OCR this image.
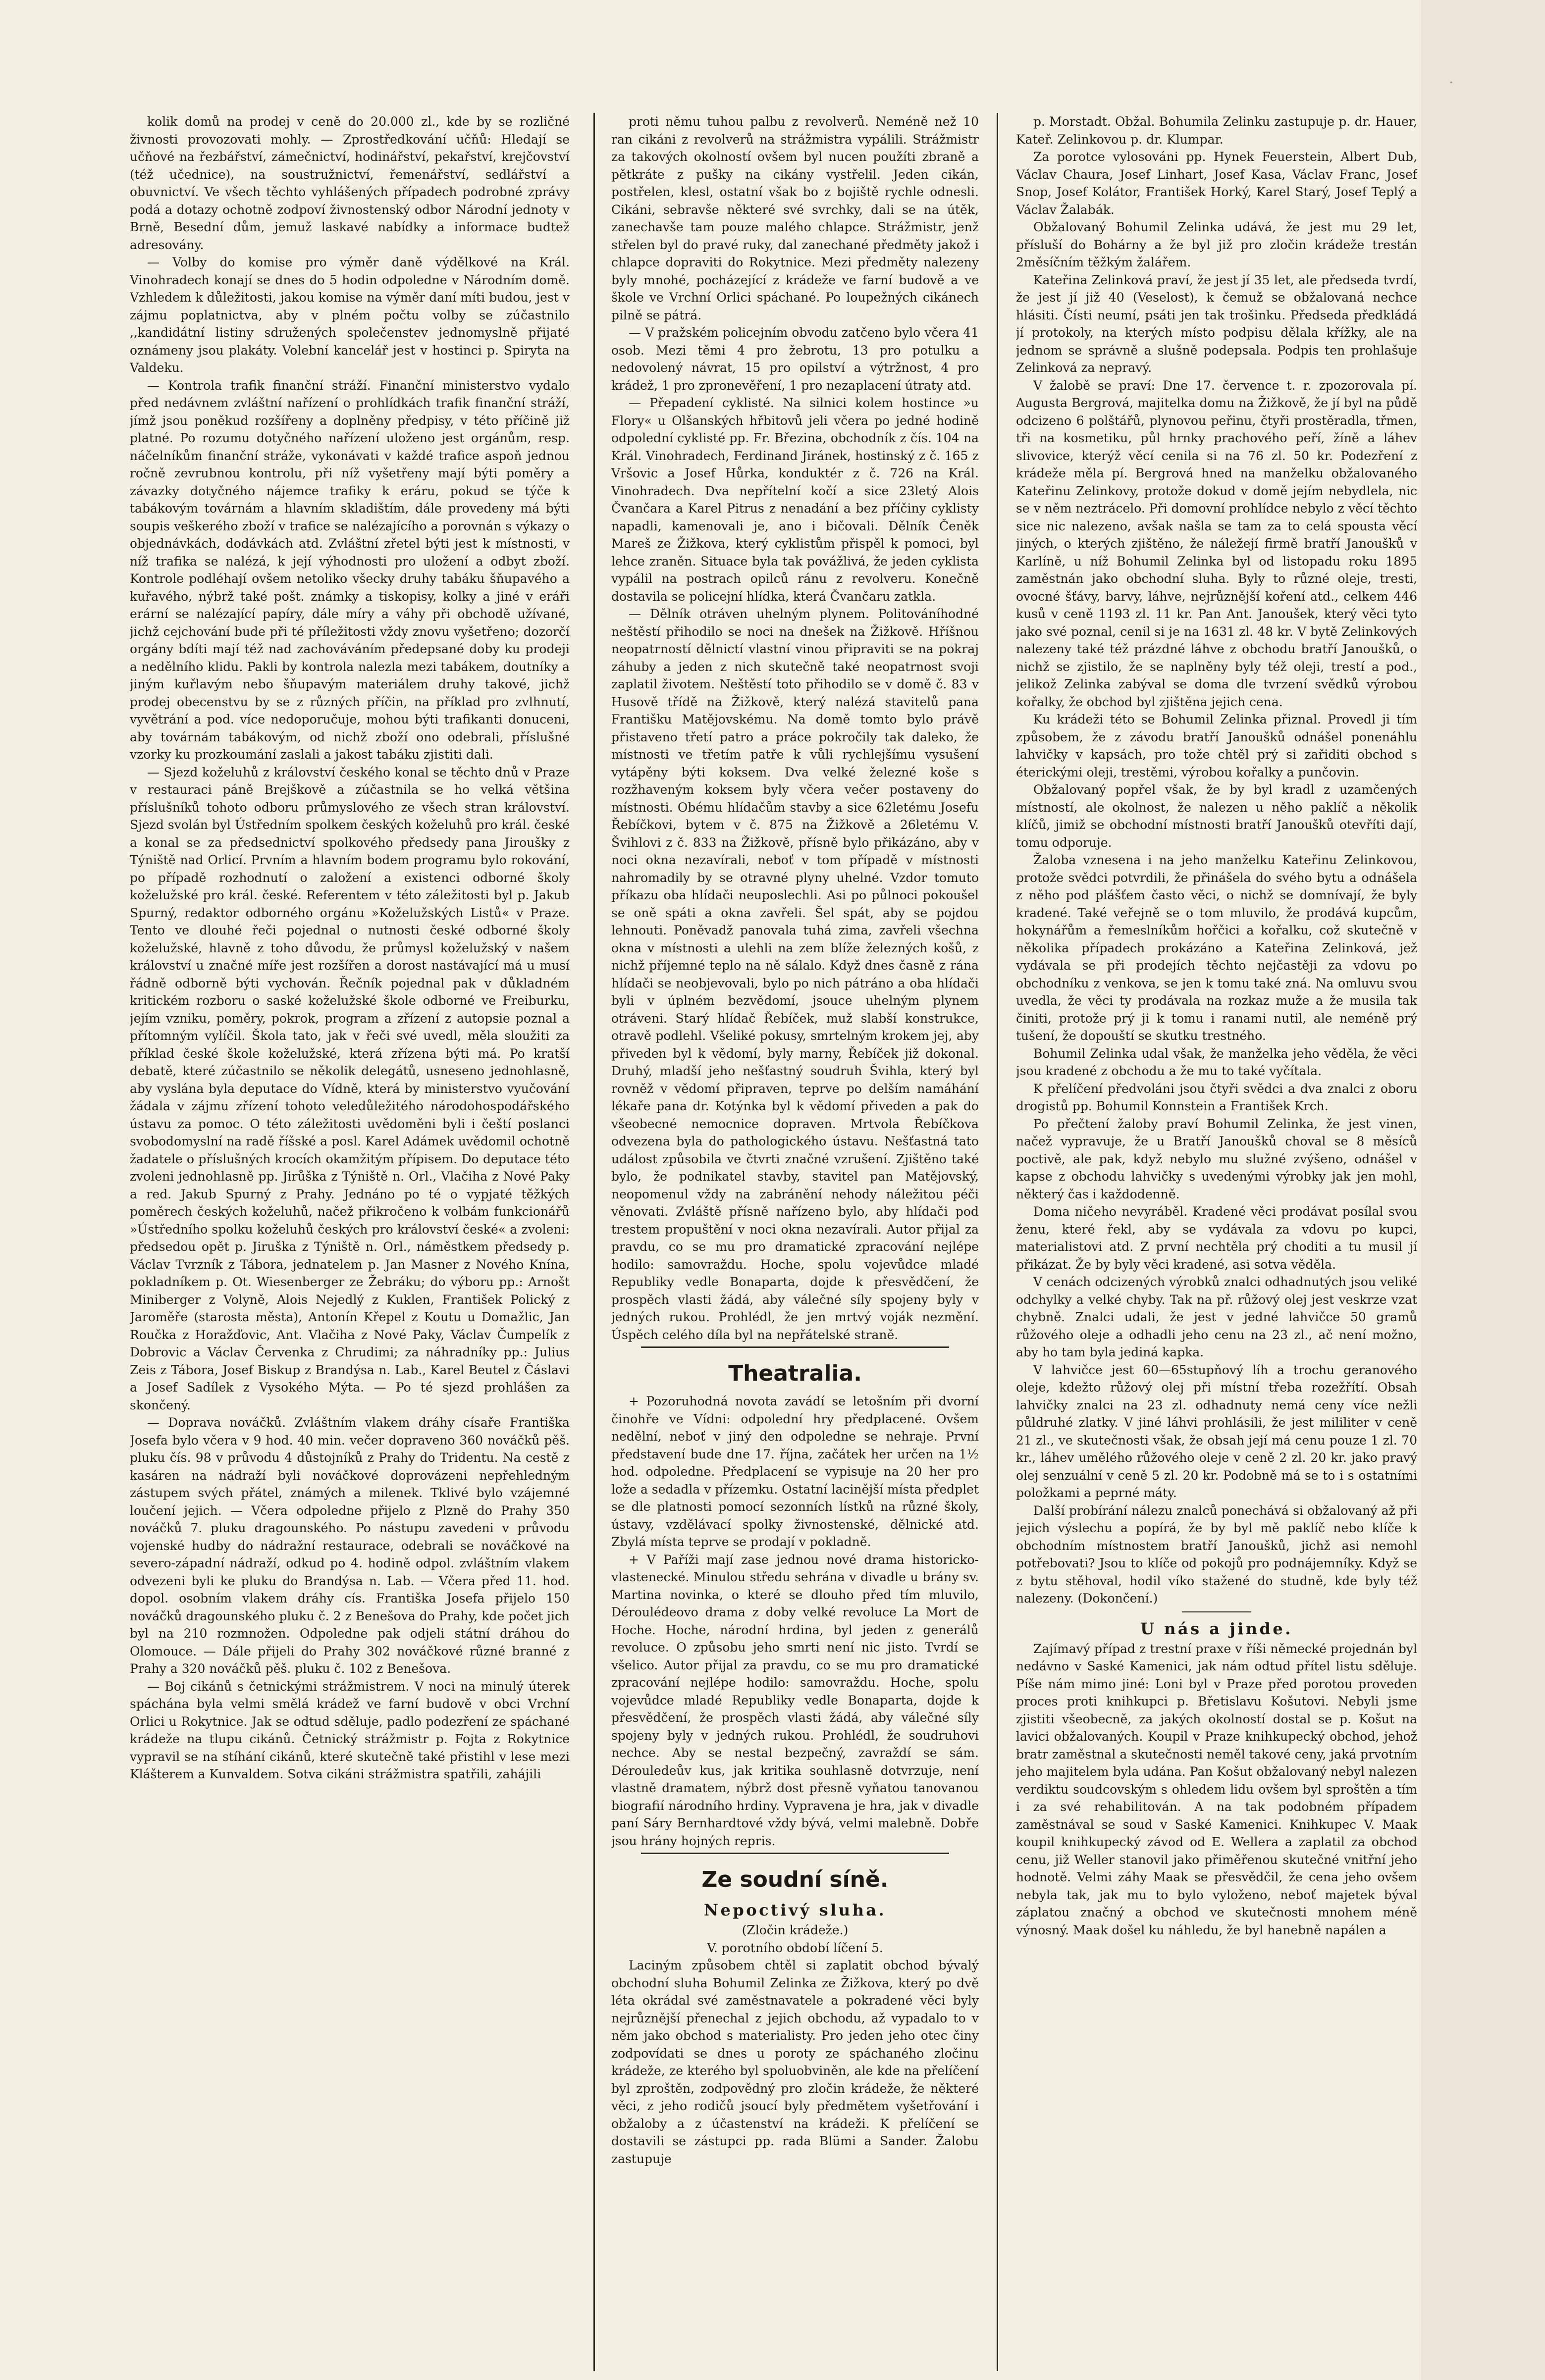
·

kolik domů na prodej v ceně do 20.000 zl., kde by se rozličné živnosti provozovati mohly. — Zprostředkování učňů: Hledají se učňové na řezbářství, zámečnictví, hodinářství, pekařství, krejčovství (též učednice), na soustružnictví, řemenářství, sedlářství a obuvnictví. Ve všech těchto vyhlášených případech podrobné zprávy podá a dotazy ochotně zodpoví živnostenský odbor Národní jednoty v Brně, Besední dům, jemuž laskavé nabídky a informace budtež adresovány.

— Volby do komise pro výměr daně výdělkové na Král. Vinohradech konají se dnes do 5 hodin odpoledne v Národním domě. Vzhledem k důležitosti, jakou komise na výměr daní míti budou, jest v zájmu poplatnictva, aby v plném počtu volby se zúčastnilo ,,kandidátní listiny sdružených společenstev jednomyslně přijaté oznámeny jsou plakáty. Volební kancelář jest v hostinci p. Spiryta na Valdeku.

— Kontrola trafik finanční stráží. Finanční ministerstvo vydalo před nedávnem zvláštní nařízení o prohlídkách trafik finanční stráží, jímž jsou poněkud rozšířeny a doplněny předpisy, v této příčině již platné. Po rozumu dotyčného nařízení uloženo jest orgánům, resp. náčelníkům finanční stráže, vykonávati v každé trafice aspoň jednou ročně zevrubnou kontrolu, při níž vyšetřeny mají býti poměry a závazky dotyčného nájemce trafiky k eráru, pokud se týče k tabákovým továrnám a hlavním skladištím, dále provedeny má býti soupis veškerého zboží v trafice se nalézajícího a porovnán s výkazy o objednávkách, dodávkách atd. Zvláštní zřetel býti jest k místnosti, v níž trafika se nalézá, k její výhodnosti pro uložení a odbyt zboží. Kontrole podléhají ovšem netoliko všecky druhy tabáku šňupavého a kuřavého, nýbrž také pošt. známky a tiskopisy, kolky a jiné v eráři erární se nalézající papíry, dále míry a váhy při obchodě užívané, jichž cejchování bude při té příležitosti vždy znovu vyšetřeno; dozorčí orgány bdíti mají též nad zachováváním předepsané doby ku prodeji a nedělního klidu. Pakli by kontrola nalezla mezi tabákem, doutníky a jiným kuřlavým nebo šňupavým materiálem druhy takové, jichž prodej obecenstvu by se z různých příčin, na příklad pro zvlhnutí, vyvětrání a pod. více nedoporučuje, mohou býti trafikanti donuceni, aby továrnám tabákovým, od nichž zboží ono odebrali, příslušné vzorky ku prozkoumání zaslali a jakost tabáku zjistiti dali.

— Sjezd koželuhů z království českého konal se těchto dnů v Praze v restauraci páně Brejškově a zúčastnila se ho velká většina příslušníků tohoto odboru průmyslového ze všech stran království. Sjezd svolán byl Ústředním spolkem českých koželuhů pro král. české a konal se za předsednictví spolkového předsedy pana Jiroušky z Týniště nad Orlicí. Prvním a hlavním bodem programu bylo rokování, po případě rozhodnutí o založení a existenci odborné školy koželužské pro král. české. Referentem v této záležitosti byl p. Jakub Spurný, redaktor odborného orgánu »Koželužských Listů« v Praze. Tento ve dlouhé řeči pojednal o nutnosti české odborné školy koželužské, hlavně z toho důvodu, že průmysl koželužský v našem království u značné míře jest rozšířen a dorost nastávající má u musí řádně odborně býti vychován. Řečník pojednal pak v důkladném kritickém rozboru o saské koželužské škole odborné ve Freiburku, jejím vzniku, poměry, pokrok, program a zřízení z autopsie poznal a přítomným vylíčil. Škola tato, jak v řeči své uvedl, měla sloužiti za příklad české škole koželužské, která zřízena býti má. Po kratší debatě, které zúčastnilo se několik delegátů, usneseno jednohlasně, aby vyslána byla deputace do Vídně, která by ministerstvo vyučování žádala v zájmu zřízení tohoto veledůležitého národohospodářského ústavu za pomoc. O této záležitosti uvědoměni byli i čeští poslanci svobodomyslní na radě říšské a posl. Karel Adámek uvědomil ochotně žadatele o příslušných krocích okamžitým přípisem. Do deputace této zvoleni jednohlasně pp. Jirůška z Týniště n. Orl., Vlačiha z Nové Paky a red. Jakub Spurný z Prahy. Jednáno po té o vypjaté těžkých poměrech českých koželuhů, načež přikročeno k volbám funkcionářů »Ústředního spolku koželuhů českých pro království české« a zvoleni: předsedou opět p. Jiruška z Týniště n. Orl., náměstkem předsedy p. Václav Tvrzník z Tábora, jednatelem p. Jan Masner z Nového Knína, pokladníkem p. Ot. Wiesenberger ze Žebráku; do výboru pp.: Arnošt Miniberger z Volyně, Alois Nejedlý z Kuklen, František Polický z Jaroměře (starosta města), Antonín Křepel z Koutu u Domažlic, Jan Roučka z Horažďovic, Ant. Vlačiha z Nové Paky, Václav Čumpelík z Dobrovic a Václav Červenka z Chrudimi; za náhradníky pp.: Julius Zeis z Tábora, Josef Biskup z Brandýsa n. Lab., Karel Beutel z Čáslavi a Josef Sadílek z Vysokého Mýta. — Po té sjezd prohlášen za skončený.

— Doprava nováčků. Zvláštním vlakem dráhy císaře Františka Josefa bylo včera v 9 hod. 40 min. večer dopraveno 360 nováčků pěš. pluku čís. 98 v průvodu 4 důstojníků z Prahy do Tridentu. Na cestě z kasáren na nádraží byli nováčkové doprovázeni nepřehledným zástupem svých přátel, známých a milenek. Tklivé bylo vzájemné loučení jejich. — Včera odpoledne přijelo z Plzně do Prahy 350 nováčků 7. pluku dragounského. Po nástupu zavedeni v průvodu vojenské hudby do nádražní restaurace, odebrali se nováčkové na severo-západní nádraží, odkud po 4. hodině odpol. zvláštním vlakem odvezeni byli ke pluku do Brandýsa n. Lab. — Včera před 11. hod. dopol. osobním vlakem dráhy cís. Františka Josefa přijelo 150 nováčků dragounského pluku č. 2 z Benešova do Prahy, kde počet jich byl na 210 rozmnožen. Odpoledne pak odjeli státní dráhou do Olomouce. — Dále přijeli do Prahy 302 nováčkové různé branné z Prahy a 320 nováčků pěš. pluku č. 102 z Benešova.

— Boj cikánů s četnickými strážmistrem. V noci na minulý úterek spáchána byla velmi smělá krádež ve farní budově v obci Vrchní Orlici u Rokytnice. Jak se odtud sděluje, padlo podezření ze spáchané krádeže na tlupu cikánů. Četnický strážmistr p. Fojta z Rokytnice vypravil se na stíhání cikánů, které skutečně také přistihl v lese mezi Klášterem a Kunvaldem. Sotva cikáni strážmistra spatřili, zahájili

proti němu tuhou palbu z revolverů. Neméně než 10 ran cikáni z revolverů na strážmistra vypálili. Strážmistr za takových okolností ovšem byl nucen použíti zbraně a pětkráte z pušky na cikány vystřelil. Jeden cikán, postřelen, klesl, ostatní však bo z bojiště rychle odnesli. Cikáni, sebravše některé své svrchky, dali se na útěk, zanechavše tam pouze malého chlapce. Strážmistr, jenž střelen byl do pravé ruky, dal zanechané předměty jakož i chlapce dopraviti do Rokytnice. Mezi předměty nalezeny byly mnohé, pocházející z krádeže ve farní budově a ve škole ve Vrchní Orlici spáchané. Po loupežných cikánech pilně se pátrá.

— V pražském policejním obvodu zatčeno bylo včera 41 osob. Mezi těmi 4 pro žebrotu, 13 pro potulku a nedovolený návrat, 15 pro opilství a výtržnost, 4 pro krádež, 1 pro zpronevěření, 1 pro nezaplacení útraty atd.

— Přepadení cyklisté. Na silnici kolem hostince »u Flory« u Olšanských hřbitovů jeli včera po jedné hodině odpolední cyklisté pp. Fr. Březina, obchodník z čís. 104 na Král. Vinohradech, Ferdinand Jiránek, hostinský z č. 165 z Vršovic a Josef Hůrka, konduktér z č. 726 na Král. Vinohradech. Dva nepřítelní kočí a sice 23letý Alois Čvančara a Karel Pitrus z nenadání a bez příčiny cyklisty napadli, kamenovali je, ano i bičovali. Dělník Čeněk Mareš ze Žižkova, který cyklistům přispěl k pomoci, byl lehce zraněn. Situace byla tak povážlivá, že jeden cyklista vypálil na postrach opilců ránu z revolveru. Konečně dostavila se policejní hlídka, která Čvančaru zatkla.

— Dělník otráven uhelným plynem. Politováníhodné neštěstí přihodilo se noci na dnešek na Žižkově. Hříšnou neopatrností dělnictí vlastní vinou připraviti se na pokraj záhuby a jeden z nich skutečně také neopatrnost svoji zaplatil životem. Neštěstí toto přihodilo se v domě č. 83 v Husově třídě na Žižkově, který nalézá stavitelů pana Františku Matějovskému. Na domě tomto bylo právě přistaveno třetí patro a práce pokročily tak daleko, že místnosti ve třetím patře k vůli rychlejšímu vysušení vytápěny býti koksem. Dva velké železné koše s rozžhaveným koksem byly včera večer postaveny do místnosti. Obému hlídačům stavby a sice 62letému Josefu Řebíčkovi, bytem v č. 875 na Žižkově a 26letému V. Švihlovi z č. 833 na Žižkově, přísně bylo přikázáno, aby v noci okna nezavírali, neboť v tom případě v místnosti nahromadily by se otravné plyny uhelné. Vzdor tomuto příkazu oba hlídači neuposlechli. Asi po půlnoci pokoušel se oně spáti a okna zavřeli. Šel spát, aby se pojdou lehnouti. Poněvadž panovala tuhá zima, zavřeli všechna okna v místnosti a ulehli na zem blíže železných košů, z nichž příjemné teplo na ně sálalo. Když dnes časně z rána hlídači se neobjevovali, bylo po nich pátráno a oba hlídači byli v úplném bezvědomí, jsouce uhelným plynem otráveni. Starý hlídač Řebíček, muž slabší konstrukce, otravě podlehl. Všeliké pokusy, smrtelným krokem jej, aby přiveden byl k vědomí, byly marny, Řebíček již dokonal. Druhý, mladší jeho nešťastný soudruh Švihla, který byl rovněž v vědomí připraven, teprve po delším namáhání lékaře pana dr. Kotýnka byl k vědomí přiveden a pak do všeobecné nemocnice dopraven. Mrtvola Řebíčkova odvezena byla do pathologického ústavu. Nešťastná tato událost způsobila ve čtvrti značné vzrušení. Zjištěno také bylo, že podnikatel stavby, stavitel pan Matějovský, neopomenul vždy na zabránění nehody náležitou péči věnovati. Zvláště přísně nařízeno bylo, aby hlídači pod trestem propuštění v noci okna nezavírali. Autor přijal za pravdu, co se mu pro dramatické zpracování nejlépe hodilo: samovraždu. Hoche, spolu vojevůdce mladé Republiky vedle Bonaparta, dojde k přesvědčení, že prospěch vlasti žádá, aby válečné síly spojeny byly v jedných rukou. Prohlédl, že jen mrtvý voják nezmění. Úspěch celého díla byl na nepřátelské straně.

Theatralia.

+ Pozoruhodná novota zavádí se letošním při dvorní činohře ve Vídni: odpolední hry předplacené. Ovšem nedělní, neboť v jiný den odpoledne se nehraje. První představení bude dne 17. října, začátek her určen na 1½ hod. odpoledne. Předplacení se vypisuje na 20 her pro lože a sedadla v přízemku. Ostatní lacinější místa předplet se dle platnosti pomocí sezonních lístků na různé školy, ústavy, vzdělávací spolky živnostenské, dělnické atd. Zbylá místa teprve se prodají v pokladně.

+ V Paříži mají zase jednou nové drama historicko-vlastenecké. Minulou středu sehrána v divadle u brány sv. Martina novinka, o které se dlouho před tím mluvilo, Déroulédeovo drama z doby velké revoluce La Mort de Hoche. Hoche, národní hrdina, byl jeden z generálů revoluce. O způsobu jeho smrti není nic jisto. Tvrdí se všelico. Autor přijal za pravdu, co se mu pro dramatické zpracování nejlépe hodilo: samovraždu. Hoche, spolu vojevůdce mladé Republiky vedle Bonaparta, dojde k přesvědčení, že prospěch vlasti žádá, aby válečné síly spojeny byly v jedných rukou. Prohlédl, že soudruhovi nechce. Aby se nestal bezpečný, zavraždí se sám. Dérouledeův kus, jak kritika souhlasně dotvrzuje, není vlastně dramatem, nýbrž dost přesně vyňatou tanovanou biografií národního hrdiny. Vypravena je hra, jak v divadle paní Sáry Bernhardtové vždy bývá, velmi malebně. Dobře jsou hrány hojných repris.

Ze soudní síně.
Nepoctivý sluha.

(Zločin krádeže.)

V. porotního období líčení 5.

Laciným způsobem chtěl si zaplatit obchod bývalý obchodní sluha Bohumil Zelinka ze Žižkova, který po dvě léta okrádal své zaměstnavatele a pokradené věci byly nejrůznější přenechal z jejich obchodu, až vypadalo to v něm jako obchod s materialisty. Pro jeden jeho otec činy zodpovídati se dnes u poroty ze spáchaného zločinu krádeže, ze kterého byl spoluobviněn, ale kde na přelíčení byl zproštěn, zodpovědný pro zločin krádeže, že některé věci, z jeho rodičů jsoucí byly předmětem vyšetřování i obžaloby a z účastenství na krádeži. K přelíčení se dostavili se zástupci pp. rada Blümi a Sander. Žalobu zastupuje

p. Morstadt. Obžal. Bohumila Zelinku zastupuje p. dr. Hauer, Kateř. Zelinkovou p. dr. Klumpar.

Za porotce vylosováni pp. Hynek Feuerstein, Albert Dub, Václav Chaura, Josef Linhart, Josef Kasa, Václav Franc, Josef Snop, Josef Kolátor, František Horký, Karel Starý, Josef Teplý a Václav Žalabák.

Obžalovaný Bohumil Zelinka udává, že jest mu 29 let, přísluší do Bohárny a že byl již pro zločin krádeže trestán 2měsíčním těžkým žalářem.

Kateřina Zelinková praví, že jest jí 35 let, ale předseda tvrdí, že jest jí již 40 (Veselost), k čemuž se obžalovaná nechce hlásiti. Čísti neumí, psáti jen tak trošinku. Předseda předkládá jí protokoly, na kterých místo podpisu dělala křížky, ale na jednom se správně a slušně podepsala. Podpis ten prohlašuje Zelinková za nepravý.

V žalobě se praví: Dne 17. července t. r. zpozorovala pí. Augusta Bergrová, majitelka domu na Žižkově, že jí byl na půdě odcizeno 6 polštářů, plynovou peřinu, čtyři prostěradla, třmen, tři na kosmetiku, půl hrnky prachového peří, žíně a láhev slivovice, kterýž věcí cenila si na 76 zl. 50 kr. Podezření z krádeže měla pí. Bergrová hned na manželku obžalovaného Kateřinu Zelinkovy, protože dokud v domě jejím nebydlela, nic se v něm neztrácelo. Při domovní prohlídce nebylo z věcí těchto sice nic nalezeno, avšak našla se tam za to celá spousta věcí jiných, o kterých zjištěno, že náležejí firmě bratří Janoušků v Karlíně, u níž Bohumil Zelinka byl od listopadu roku 1895 zaměstnán jako obchodní sluha. Byly to různé oleje, tresti, ovocné šťávy, barvy, láhve, nejrůznější koření atd., celkem 446 kusů v ceně 1193 zl. 11 kr. Pan Ant. Janoušek, který věci tyto jako své poznal, cenil si je na 1631 zl. 48 kr. V bytě Zelinkových nalezeny také též prázdné láhve z obchodu bratří Janoušků, o nichž se zjistilo, že se naplněny byly též oleji, trestí a pod., jelikož Zelinka zabýval se doma dle tvrzení svědků výrobou kořalky, že obchod byl zjištěna jejich cena.

Ku krádeži této se Bohumil Zelinka přiznal. Provedl ji tím způsobem, že z závodu bratří Janoušků odnášel ponenáhlu lahvičky v kapsách, pro tože chtěl prý si zařiditi obchod s éterickými oleji, trestěmi, výrobou kořalky a punčovin.

Obžalovaný popřel však, že by byl kradl z uzamčených místností, ale okolnost, že nalezen u něho paklíč a několik klíčů, jimiž se obchodní místnosti bratří Janoušků otevříti dají, tomu odporuje.

Žaloba vznesena i na jeho manželku Kateřinu Zelinkovou, protože svědci potvrdili, že přinášela do svého bytu a odnášela z něho pod plášťem často věci, o nichž se domnívají, že byly kradené. Také veřejně se o tom mluvilo, že prodává kupcům, hokynářům a řemeslníkům hořčici a kořalku, což skutečně v několika případech prokázáno a Kateřina Zelinková, jež vydávala se při prodejích těchto nejčastěji za vdovu po obchodníku z venkova, se jen k tomu také zná. Na omluvu svou uvedla, že věci ty prodávala na rozkaz muže a že musila tak činiti, protože prý ji k tomu i ranami nutil, ale neméně prý tušení, že dopouští se skutku trestného.

Bohumil Zelinka udal však, že manželka jeho věděla, že věci jsou kradené z obchodu a že mu to také vyčítala.

K přelíčení předvoláni jsou čtyři svědci a dva znalci z oboru drogistů pp. Bohumil Konnstein a František Krch.

Po přečtení žaloby praví Bohumil Zelinka, že jest vinen, načež vypravuje, že u Bratří Janoušků choval se 8 měsíců poctivě, ale pak, když nebylo mu služné zvýšeno, odnášel v kapse z obchodu lahvičky s uvedenými výrobky jak jen mohl, některý čas i každodenně.

Doma ničeho nevyráběl. Kradené věci prodávat posílal svou ženu, které řekl, aby se vydávala za vdovu po kupci, materialistovi atd. Z první nechtěla prý choditi a tu musil jí přikázat. Že by byly věci kradené, asi sotva věděla.

V cenách odcizených výrobků znalci odhadnutých jsou veliké odchylky a velké chyby. Tak na př. růžový olej jest veskrze vzat chybně. Znalci udali, že jest v jedné lahvičce 50 gramů růžového oleje a odhadli jeho cenu na 23 zl., ač není možno, aby ho tam byla jediná kapka.

V lahvičce jest 60—65stupňový líh a trochu geranového oleje, kdežto růžový olej při místní třeba rozežřítí. Obsah lahvičky znalci na 23 zl. odhadnuty nemá ceny více nežli půldruhé zlatky. V jiné láhvi prohlásili, že jest mililiter v ceně 21 zl., ve skutečnosti však, že obsah její má cenu pouze 1 zl. 70 kr., láhev umělého růžového oleje v ceně 2 zl. 20 kr. jako pravý olej senzuální v ceně 5 zl. 20 kr. Podobně má se to i s ostatními položkami a peprné máty.

Další probírání nálezu znalců ponechává si obžalovaný až při jejich výslechu a popírá, že by byl mě paklíč nebo klíče k obchodním místnostem bratří Janoušků, jichž asi nemohl potřebovati? Jsou to klíče od pokojů pro podnájemníky. Když se z bytu stěhoval, hodil víko stažené do studně, kde byly též nalezeny. (Dokončení.)

U nás a jinde.

Zajímavý případ z trestní praxe v říši německé projednán byl nedávno v Saské Kamenici, jak nám odtud přítel listu sděluje. Píše nám mimo jiné: Loni byl v Praze před porotou proveden proces proti knihkupci p. Břetislavu Košutovi. Nebyli jsme zjistiti všeobecně, za jakých okolností dostal se p. Košut na lavici obžalovaných. Koupil v Praze knihkupecký obchod, jehož bratr zaměstnal a skutečnosti neměl takové ceny, jaká prvotním jeho majitelem byla udána. Pan Košut obžalovaný nebyl nalezen verdiktu soudcovským s ohledem lidu ovšem byl sproštěn a tím i za své rehabilitován. A na tak podobném případem zaměstnával se soud v Saské Kamenici. Knihkupec V. Maak koupil knihkupecký závod od E. Wellera a zaplatil za obchod cenu, již Weller stanovil jako přiměřenou skutečné vnitřní jeho hodnotě. Velmi záhy Maak se přesvědčil, že cena jeho ovšem nebyla tak, jak mu to bylo vyloženo, neboť majetek býval záplatou značný a obchod ve skutečnosti mnohem méně výnosný. Maak došel ku náhledu, že byl hanebně napálen a
